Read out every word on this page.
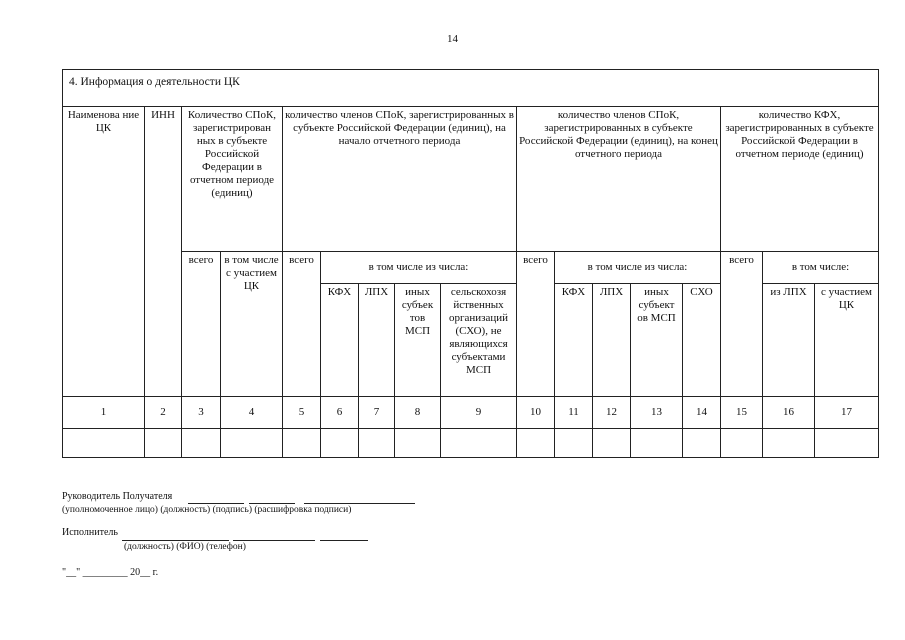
14
4. Информация о деятельности ЦК																
Наименова ние ЦК	ИНН	Количество СПоК, зарегистрирован ных в субъекте Российской Федерации в отчетном периоде (единиц)		количество членов СПоК, зарегистрированных в субъекте Российской Федерации (единиц), на начало отчетного периода					количество членов СПоК, зарегистрированных в субъекте Российской Федерации (единиц), на конец отчетного периода					количество КФХ, зарегистрированных в субъекте Российской Федерации в отчетном периоде (единиц)		
		всего	в том числе с участием ЦК	всего	в том числе из числа:				всего	в том числе из числа:				всего	в том числе:	
					КФХ	ЛПХ	иных субъек тов МСП	сельскохозя йственных организаций (СХО), не являющихся субъектами МСП		КФХ	ЛПХ	иных субъект ов МСП	СХО		из ЛПХ	с участием ЦК
1	2	3	4	5	6	7	8	9	10	11	12	13	14	15	16	17

Руководитель Получателя
(уполномоченное лицо) (должность) (подпись) (расшифровка подписи)
Исполнитель
(должность) (ФИО) (телефон)
"__" _________ 20__ г.
